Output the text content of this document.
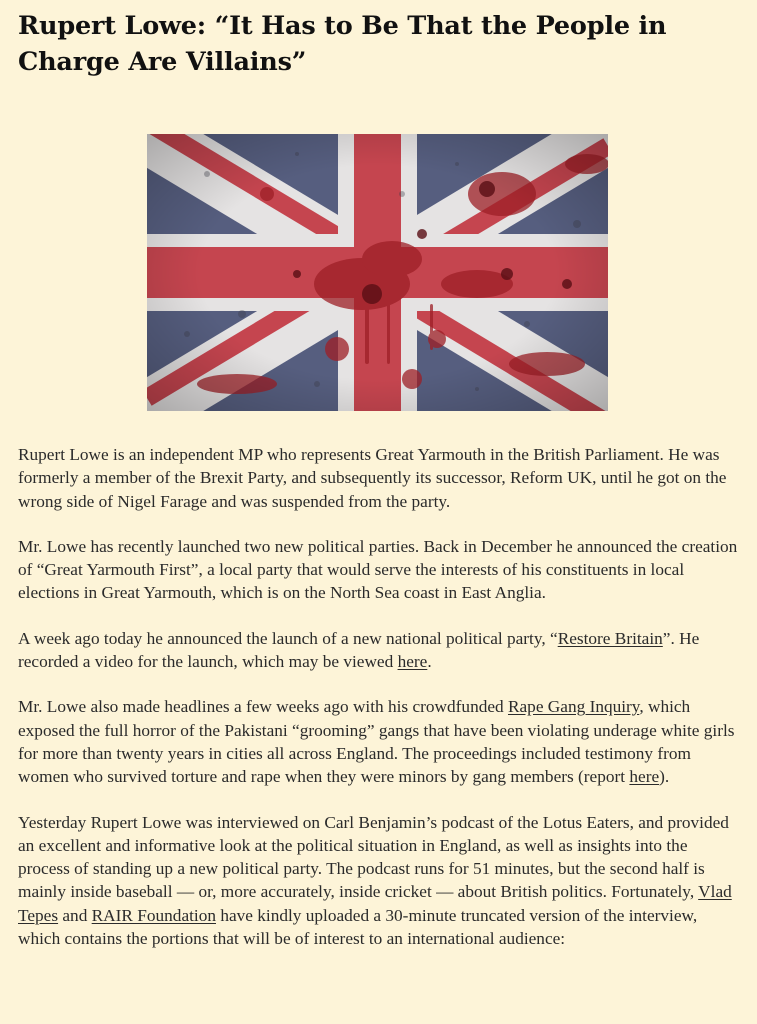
Rupert Lowe: “It Has to Be That the People in Charge Are Villains”

Rupert Lowe is an independent MP who represents Great Yarmouth in the British Parliament. He was formerly a member of the Brexit Party, and subsequently its successor, Reform UK, until he got on the wrong side of Nigel Farage and was suspended from the party.

Mr. Lowe has recently launched two new political parties. Back in December he announced the creation of “Great Yarmouth First”, a local party that would serve the interests of his constituents in local elections in Great Yarmouth, which is on the North Sea coast in East Anglia.

A week ago today he announced the launch of a new national political party, “Restore Britain”. He recorded a video for the launch, which may be viewed here.

Mr. Lowe also made headlines a few weeks ago with his crowdfunded Rape Gang Inquiry, which exposed the full horror of the Pakistani “grooming” gangs that have been violating underage white girls for more than twenty years in cities all across England. The proceedings included testimony from women who survived torture and rape when they were minors by gang members (report here).

Yesterday Rupert Lowe was interviewed on Carl Benjamin’s podcast of the Lotus Eaters, and provided an excellent and informative look at the political situation in England, as well as insights into the process of standing up a new political party. The podcast runs for 51 minutes, but the second half is mainly inside baseball — or, more accurately, inside cricket — about British politics. Fortunately, Vlad Tepes and RAIR Foundation have kindly uploaded a 30-minute truncated version of the interview, which contains the portions that will be of interest to an international audience:
